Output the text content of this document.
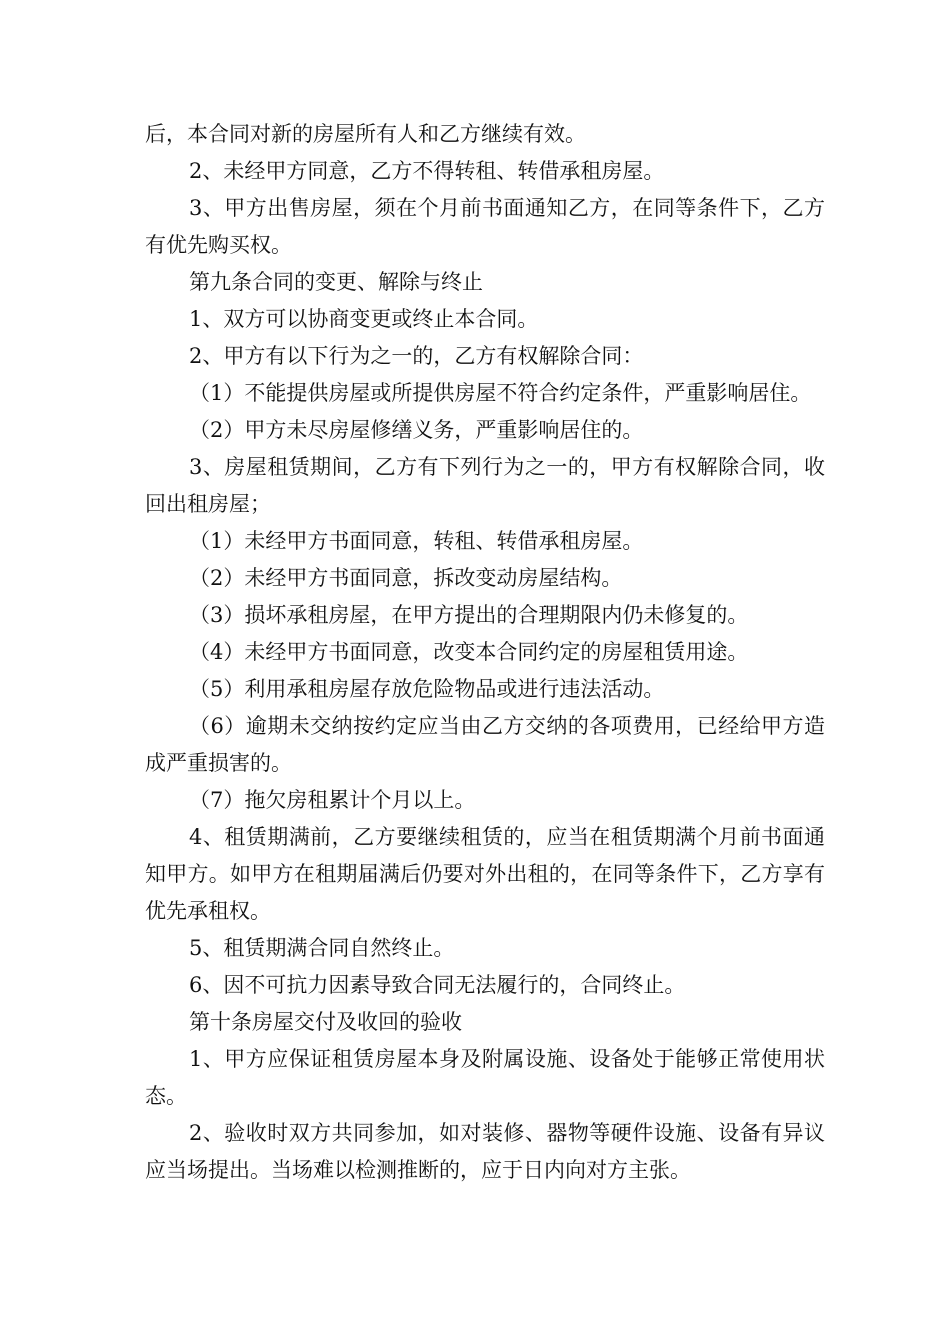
后，本合同对新的房屋所有人和乙方继续有效。

2、未经甲方同意，乙方不得转租、转借承租房屋。

3、甲方出售房屋，须在个月前书面通知乙方，在同等条件下，乙方有优先购买权。

第九条合同的变更、解除与终止

1、双方可以协商变更或终止本合同。

2、甲方有以下行为之一的，乙方有权解除合同：

（1）不能提供房屋或所提供房屋不符合约定条件，严重影响居住。

（2）甲方未尽房屋修缮义务，严重影响居住的。

3、房屋租赁期间，乙方有下列行为之一的，甲方有权解除合同，收回出租房屋；

（1）未经甲方书面同意，转租、转借承租房屋。

（2）未经甲方书面同意，拆改变动房屋结构。

（3）损坏承租房屋，在甲方提出的合理期限内仍未修复的。

（4）未经甲方书面同意，改变本合同约定的房屋租赁用途。

（5）利用承租房屋存放危险物品或进行违法活动。

（6）逾期未交纳按约定应当由乙方交纳的各项费用，已经给甲方造成严重损害的。

（7）拖欠房租累计个月以上。

4、租赁期满前，乙方要继续租赁的，应当在租赁期满个月前书面通知甲方。如甲方在租期届满后仍要对外出租的，在同等条件下，乙方享有优先承租权。

5、租赁期满合同自然终止。

6、因不可抗力因素导致合同无法履行的，合同终止。

第十条房屋交付及收回的验收

1、甲方应保证租赁房屋本身及附属设施、设备处于能够正常使用状态。

2、验收时双方共同参加，如对装修、器物等硬件设施、设备有异议应当场提出。当场难以检测推断的，应于日内向对方主张。
